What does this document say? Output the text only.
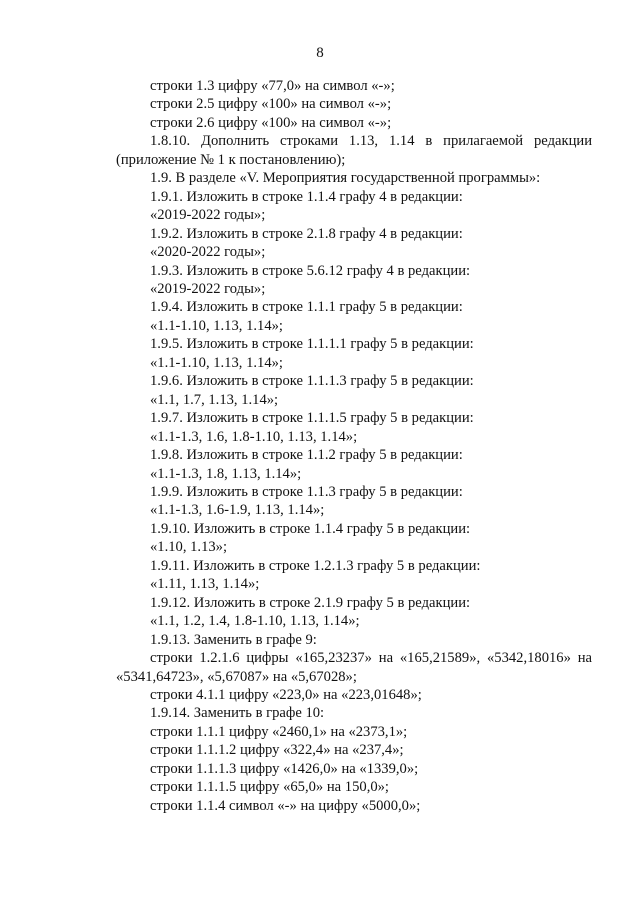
8
строки 1.3 цифру «77,0» на символ «-»;
строки 2.5 цифру «100» на символ «-»;
строки 2.6 цифру «100» на символ «-»;
1.8.10. Дополнить строками 1.13, 1.14 в прилагаемой редакции
(приложение № 1 к постановлению);
1.9. В разделе «V. Мероприятия государственной программы»:
1.9.1. Изложить в строке 1.1.4 графу 4 в редакции:
«2019-2022 годы»;
1.9.2. Изложить в строке 2.1.8 графу 4 в редакции:
«2020-2022 годы»;
1.9.3. Изложить в строке 5.6.12 графу 4 в редакции:
«2019-2022 годы»;
1.9.4. Изложить в строке 1.1.1 графу 5 в редакции:
«1.1-1.10, 1.13, 1.14»;
1.9.5. Изложить в строке 1.1.1.1 графу 5 в редакции:
«1.1-1.10, 1.13, 1.14»;
1.9.6. Изложить в строке 1.1.1.3 графу 5 в редакции:
«1.1, 1.7, 1.13, 1.14»;
1.9.7. Изложить в строке 1.1.1.5 графу 5 в редакции:
«1.1-1.3, 1.6, 1.8-1.10, 1.13, 1.14»;
1.9.8. Изложить в строке 1.1.2 графу 5 в редакции:
«1.1-1.3, 1.8, 1.13, 1.14»;
1.9.9. Изложить в строке 1.1.3 графу 5 в редакции:
«1.1-1.3, 1.6-1.9, 1.13, 1.14»;
1.9.10. Изложить в строке 1.1.4 графу 5 в редакции:
«1.10, 1.13»;
1.9.11. Изложить в строке 1.2.1.3 графу 5 в редакции:
«1.11, 1.13, 1.14»;
1.9.12. Изложить в строке 2.1.9 графу 5 в редакции:
«1.1, 1.2, 1.4, 1.8-1.10, 1.13, 1.14»;
1.9.13. Заменить в графе 9:
строки 1.2.1.6 цифры «165,23237» на «165,21589», «5342,18016» на
«5341,64723», «5,67087» на «5,67028»;
строки 4.1.1 цифру «223,0» на «223,01648»;
1.9.14. Заменить в графе 10:
строки 1.1.1 цифру «2460,1» на «2373,1»;
строки 1.1.1.2 цифру «322,4» на «237,4»;
строки 1.1.1.3 цифру «1426,0» на «1339,0»;
строки 1.1.1.5 цифру «65,0» на 150,0»;
строки 1.1.4 символ «-» на цифру «5000,0»;
